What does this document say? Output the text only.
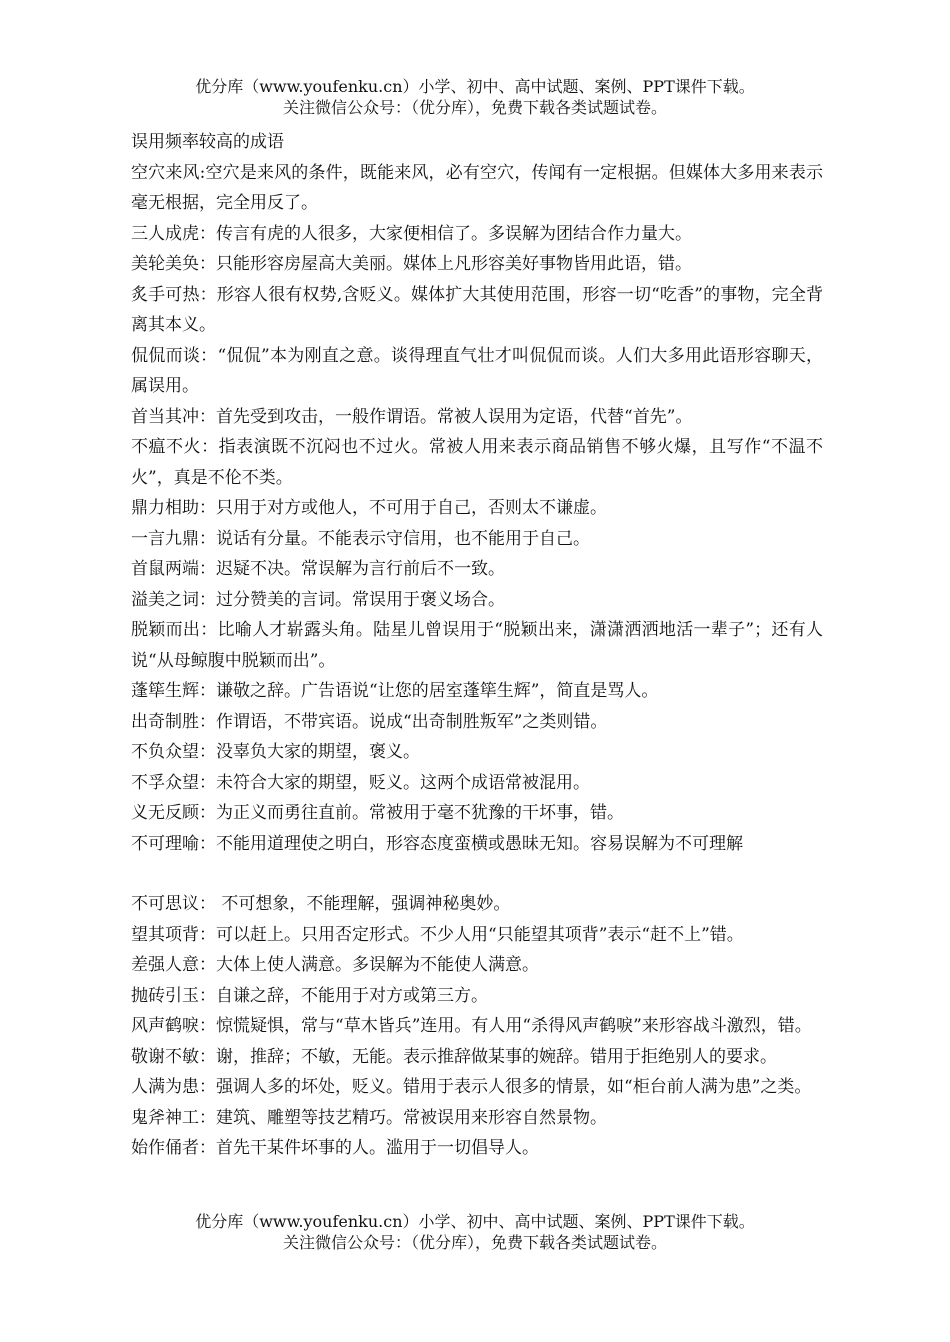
优分库（www.youfenku.cn）小学、初中、高中试题、案例、PPT课件下载。
关注微信公众号：（优分库），免费下载各类试题试卷。

误用频率较高的成语

空穴来风:空穴是来风的条件，既能来风，必有空穴，传闻有一定根据。但媒体大多用来表示毫无根据，完全用反了。

三人成虎：传言有虎的人很多，大家便相信了。多误解为团结合作力量大。

美轮美奂：只能形容房屋高大美丽。媒体上凡形容美好事物皆用此语，错。

炙手可热：形容人很有权势,含贬义。媒体扩大其使用范围，形容一切“吃香”的事物，完全背离其本义。

侃侃而谈：“侃侃”本为刚直之意。谈得理直气壮才叫侃侃而谈。人们大多用此语形容聊天，属误用。

首当其冲：首先受到攻击，一般作谓语。常被人误用为定语，代替“首先”。

不瘟不火：指表演既不沉闷也不过火。常被人用来表示商品销售不够火爆，且写作“不温不火”，真是不伦不类。

鼎力相助：只用于对方或他人，不可用于自己，否则太不谦虚。

一言九鼎：说话有分量。不能表示守信用，也不能用于自己。

首鼠两端：迟疑不决。常误解为言行前后不一致。

溢美之词：过分赞美的言词。常误用于褒义场合。

脱颖而出：比喻人才崭露头角。陆星儿曾误用于“脱颖出来，潇潇洒洒地活一辈子”；还有人说“从母鲸腹中脱颖而出”。

蓬筚生辉：谦敬之辞。广告语说“让您的居室蓬筚生辉”，简直是骂人。

出奇制胜：作谓语，不带宾语。说成“出奇制胜叛军”之类则错。

不负众望：没辜负大家的期望，褒义。

不孚众望：未符合大家的期望，贬义。这两个成语常被混用。

义无反顾：为正义而勇往直前。常被用于毫不犹豫的干坏事，错。

不可理喻：不能用道理使之明白，形容态度蛮横或愚昧无知。容易误解为不可理解

不可思议： 不可想象，不能理解，强调神秘奥妙。

望其项背：可以赶上。只用否定形式。不少人用“只能望其项背”表示“赶不上”错。

差强人意：大体上使人满意。多误解为不能使人满意。

抛砖引玉：自谦之辞，不能用于对方或第三方。

风声鹤唳：惊慌疑惧，常与“草木皆兵”连用。有人用“杀得风声鹤唳”来形容战斗激烈，错。

敬谢不敏：谢，推辞；不敏，无能。表示推辞做某事的婉辞。错用于拒绝别人的要求。

人满为患：强调人多的坏处，贬义。错用于表示人很多的情景，如“柜台前人满为患”之类。

鬼斧神工：建筑、雕塑等技艺精巧。常被误用来形容自然景物。

始作俑者：首先干某件坏事的人。滥用于一切倡导人。

优分库（www.youfenku.cn）小学、初中、高中试题、案例、PPT课件下载。
关注微信公众号：（优分库），免费下载各类试题试卷。
